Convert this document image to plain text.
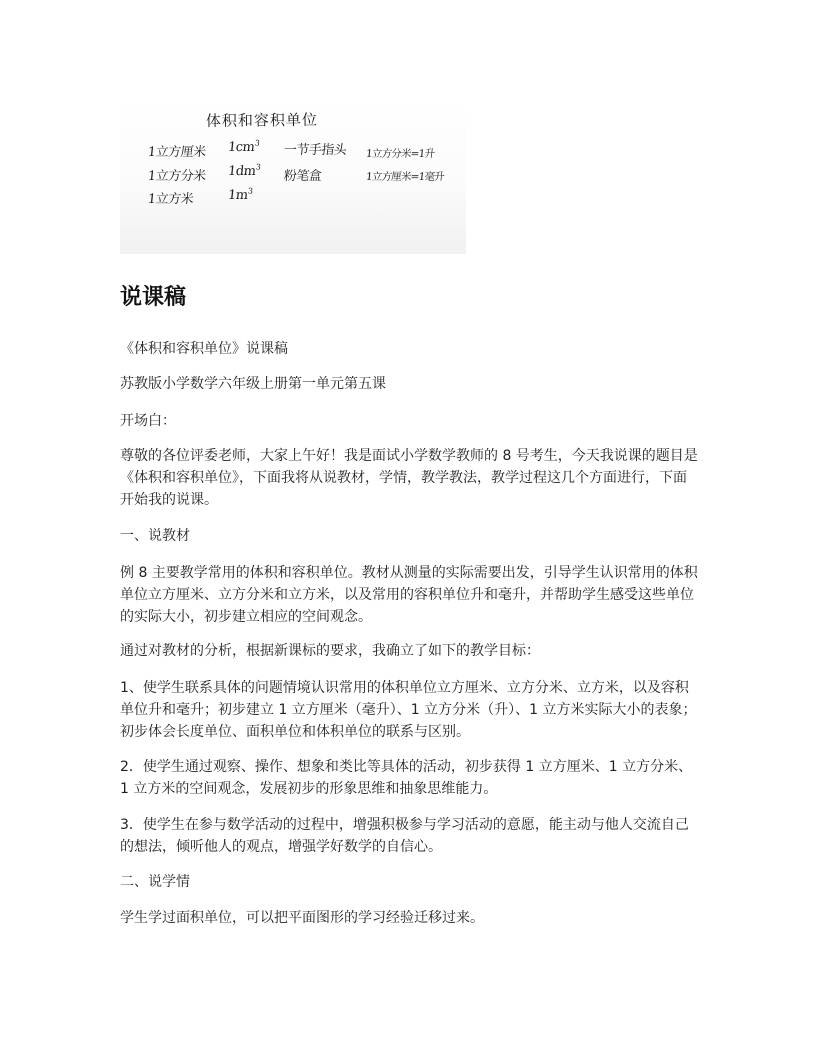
体积和容积单位
1立方厘米 $1cm^3$ 一节手指头
1立方分米 $1dm^3$
粉笔盒
1立方米	$1m^3$
1立方分米=1升
1立方厘米=1毫升
说课稿

《体积和容积单位》说课稿

苏教版小学数学六年级上册第一单元第五课

开场白：

尊敬的各位评委老师，大家上午好！我是面试小学数学教师的 8 号考生，今天我说课的题目是《体积和容积单位》，下面我将从说教材，学情，教学教法，教学过程这几个方面进行，下面开始我的说课。

一、说教材

例 8 主要教学常用的体积和容积单位。教材从测量的实际需要出发，引导学生认识常用的体积单位立方厘米、立方分米和立方米，以及常用的容积单位升和毫升，并帮助学生感受这些单位的实际大小，初步建立相应的空间观念。

通过对教材的分析，根据新课标的要求，我确立了如下的教学目标：

1、使学生联系具体的问题情境认识常用的体积单位立方厘米、立方分米、立方米，以及容积单位升和毫升；初步建立 1 立方厘米（毫升）、1 立方分米（升）、1 立方米实际大小的表象；初步体会长度单位、面积单位和体积单位的联系与区别。

2．使学生通过观察、操作、想象和类比等具体的活动，初步获得 1 立方厘米、1 立方分米、1 立方米的空间观念，发展初步的形象思维和抽象思维能力。

3．使学生在参与数学活动的过程中，增强积极参与学习活动的意愿，能主动与他人交流自己的想法，倾听他人的观点，增强学好数学的自信心。

二、说学情

学生学过面积单位，可以把平面图形的学习经验迁移过来。
